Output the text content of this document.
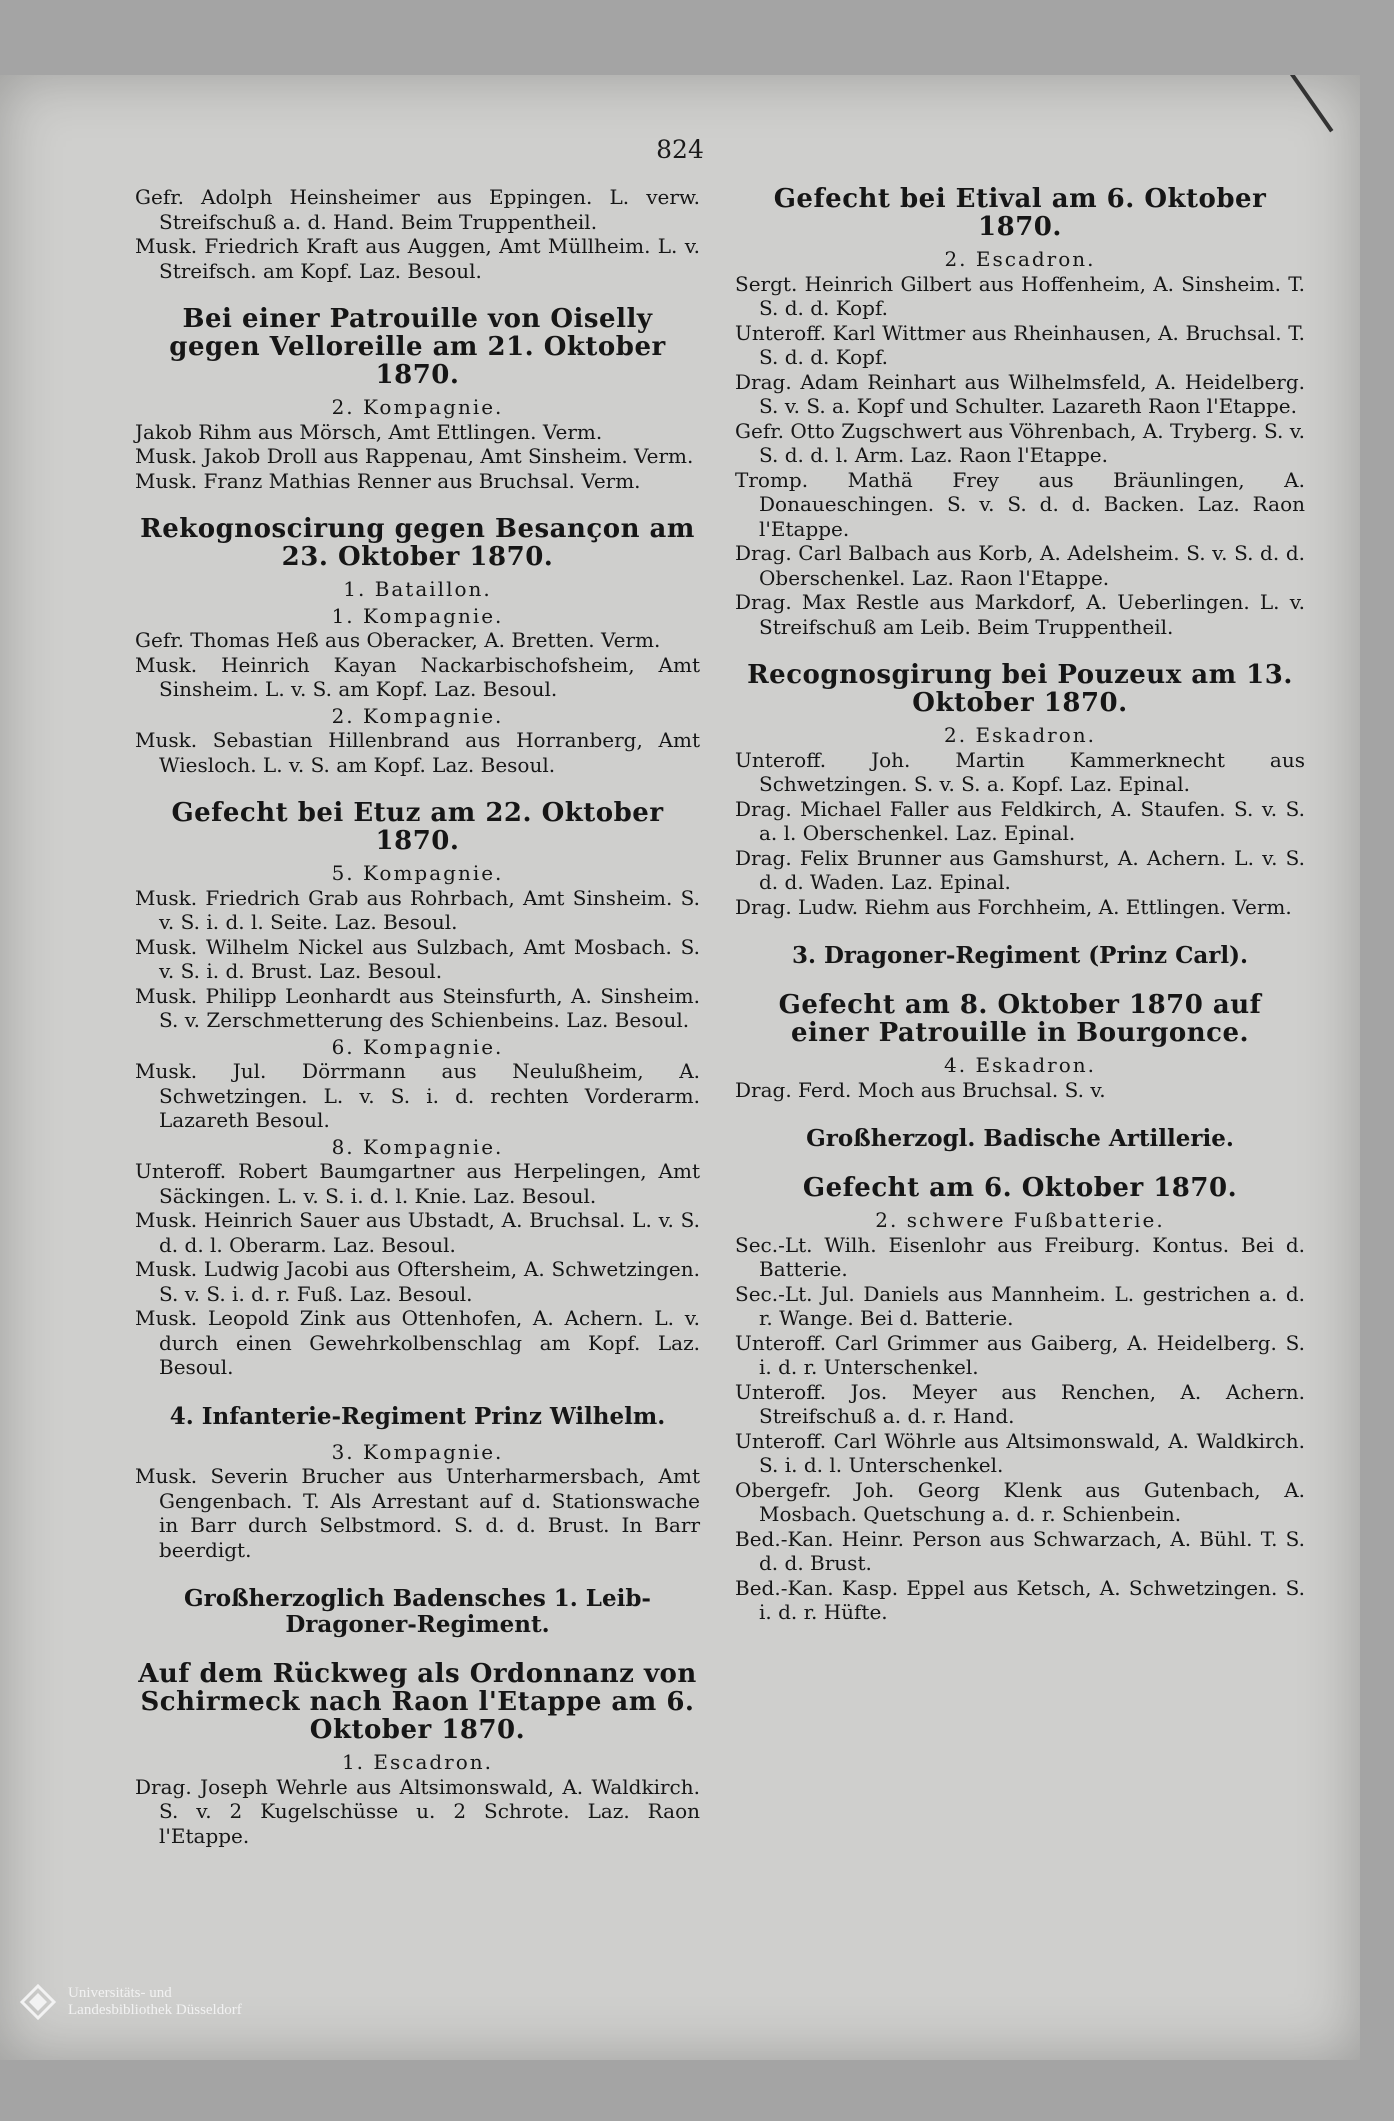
824
Gefr. Adolph Heinsheimer aus Eppingen. L. verw. Streifschuß a. d. Hand. Beim Truppentheil.
Musk. Friedrich Kraft aus Auggen, Amt Müllheim. L. v. Streifsch. am Kopf. Laz. Besoul.
Bei einer Patrouille von Oiselly gegen Velloreille am 21. Oktober 1870.
2. Kompagnie.
Jakob Rihm aus Mörsch, Amt Ettlingen. Verm.
Musk. Jakob Droll aus Rappenau, Amt Sinsheim. Verm.
Musk. Franz Mathias Renner aus Bruchsal. Verm.
Rekognoscirung gegen Besançon am 23. Oktober 1870.
1. Bataillon.
1. Kompagnie.
Gefr. Thomas Heß aus Oberacker, A. Bretten. Verm.
Musk. Heinrich Kayan Nackarbischofsheim, Amt Sinsheim. L. v. S. am Kopf. Laz. Besoul.
2. Kompagnie.
Musk. Sebastian Hillenbrand aus Horranberg, Amt Wiesloch. L. v. S. am Kopf. Laz. Besoul.
Gefecht bei Etuz am 22. Oktober 1870.
5. Kompagnie.
Musk. Friedrich Grab aus Rohrbach, Amt Sinsheim. S. v. S. i. d. l. Seite. Laz. Besoul.
Musk. Wilhelm Nickel aus Sulzbach, Amt Mosbach. S. v. S. i. d. Brust. Laz. Besoul.
Musk. Philipp Leonhardt aus Steinsfurth, A. Sinsheim. S. v. Zerschmetterung des Schienbeins. Laz. Besoul.
6. Kompagnie.
Musk. Jul. Dörrmann aus Neulußheim, A. Schwetzingen. L. v. S. i. d. rechten Vorderarm. Lazareth Besoul.
8. Kompagnie.
Unteroff. Robert Baumgartner aus Herpelingen, Amt Säckingen. L. v. S. i. d. l. Knie. Laz. Besoul.
Musk. Heinrich Sauer aus Ubstadt, A. Bruchsal. L. v. S. d. d. l. Oberarm. Laz. Besoul.
Musk. Ludwig Jacobi aus Oftersheim, A. Schwetzingen. S. v. S. i. d. r. Fuß. Laz. Besoul.
Musk. Leopold Zink aus Ottenhofen, A. Achern. L. v. durch einen Gewehrkolbenschlag am Kopf. Laz. Besoul.
4. Infanterie-Regiment Prinz Wilhelm.
3. Kompagnie.
Musk. Severin Brucher aus Unterharmersbach, Amt Gengenbach. T. Als Arrestant auf d. Stationswache in Barr durch Selbstmord. S. d. d. Brust. In Barr beerdigt.
Großherzoglich Badensches 1. Leib-Dragoner-Regiment.
Auf dem Rückweg als Ordonnanz von Schirmeck nach Raon l'Etappe am 6. Oktober 1870.
1. Escadron.
Drag. Joseph Wehrle aus Altsimonswald, A. Waldkirch. S. v. 2 Kugelschüsse u. 2 Schrote. Laz. Raon l'Etappe.
Gefecht bei Etival am 6. Oktober 1870.
2. Escadron.
Sergt. Heinrich Gilbert aus Hoffenheim, A. Sinsheim. T. S. d. d. Kopf.
Unteroff. Karl Wittmer aus Rheinhausen, A. Bruchsal. T. S. d. d. Kopf.
Drag. Adam Reinhart aus Wilhelmsfeld, A. Heidelberg. S. v. S. a. Kopf und Schulter. Lazareth Raon l'Etappe.
Gefr. Otto Zugschwert aus Vöhrenbach, A. Tryberg. S. v. S. d. d. l. Arm. Laz. Raon l'Etappe.
Tromp. Mathä Frey aus Bräunlingen, A. Donaueschingen. S. v. S. d. d. Backen. Laz. Raon l'Etappe.
Drag. Carl Balbach aus Korb, A. Adelsheim. S. v. S. d. d. Oberschenkel. Laz. Raon l'Etappe.
Drag. Max Restle aus Markdorf, A. Ueberlingen. L. v. Streifschuß am Leib. Beim Truppentheil.
Recognosgirung bei Pouzeux am 13. Oktober 1870.
2. Eskadron.
Unteroff. Joh. Martin Kammerknecht aus Schwetzingen. S. v. S. a. Kopf. Laz. Epinal.
Drag. Michael Faller aus Feldkirch, A. Staufen. S. v. S. a. l. Oberschenkel. Laz. Epinal.
Drag. Felix Brunner aus Gamshurst, A. Achern. L. v. S. d. d. Waden. Laz. Epinal.
Drag. Ludw. Riehm aus Forchheim, A. Ettlingen. Verm.
3. Dragoner-Regiment (Prinz Carl).
Gefecht am 8. Oktober 1870 auf einer Patrouille in Bourgonce.
4. Eskadron.
Drag. Ferd. Moch aus Bruchsal. S. v.
Großherzogl. Badische Artillerie.
Gefecht am 6. Oktober 1870.
2. schwere Fußbatterie.
Sec.-Lt. Wilh. Eisenlohr aus Freiburg. Kontus. Bei d. Batterie.
Sec.-Lt. Jul. Daniels aus Mannheim. L. gestrichen a. d. r. Wange. Bei d. Batterie.
Unteroff. Carl Grimmer aus Gaiberg, A. Heidelberg. S. i. d. r. Unterschenkel.
Unteroff. Jos. Meyer aus Renchen, A. Achern. Streifschuß a. d. r. Hand.
Unteroff. Carl Wöhrle aus Altsimonswald, A. Waldkirch. S. i. d. l. Unterschenkel.
Obergefr. Joh. Georg Klenk aus Gutenbach, A. Mosbach. Quetschung a. d. r. Schienbein.
Bed.-Kan. Heinr. Person aus Schwarzach, A. Bühl. T. S. d. d. Brust.
Bed.-Kan. Kasp. Eppel aus Ketsch, A. Schwetzingen. S. i. d. r. Hüfte.
Universitäts- und
Landesbibliothek Düsseldorf
